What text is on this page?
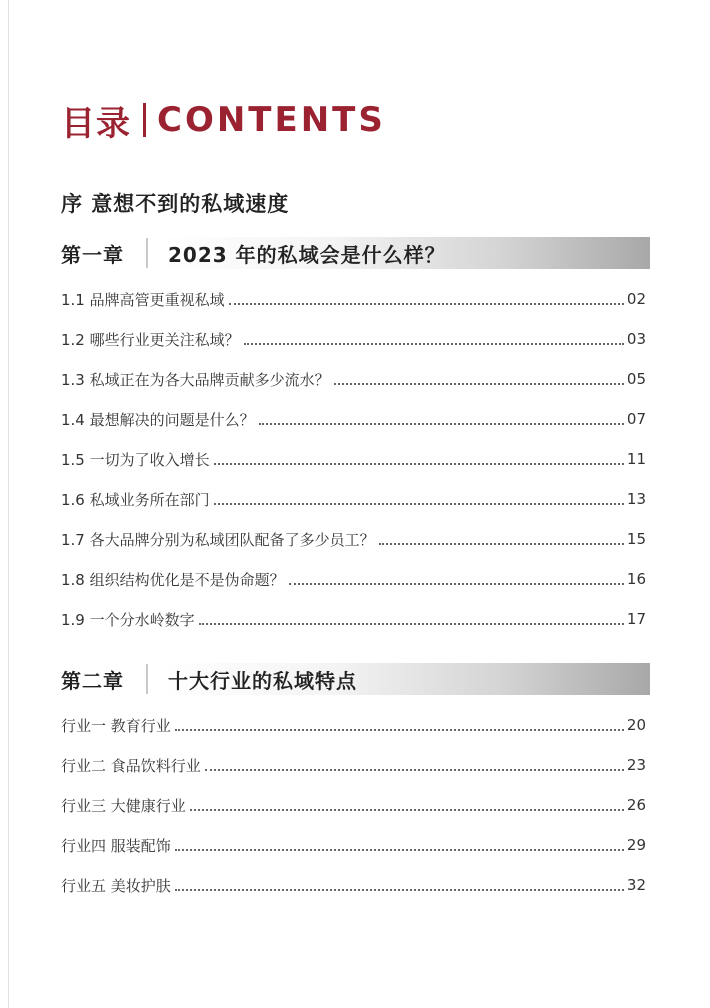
目录 CONTENTS
序 意想不到的私域速度
第一章	2023 年的私域会是什么样？
1.1 品牌高管更重视私域	02
1.2 哪些行业更关注私域？	03
1.3 私域正在为各大品牌贡献多少流水？	05
1.4 最想解决的问题是什么？	07
1.5 一切为了收入增长	11
1.6 私域业务所在部门	13
1.7 各大品牌分别为私域团队配备了多少员工？	15
1.8 组织结构优化是不是伪命题？	16
1.9 一个分水岭数字	17
第二章	十大行业的私域特点
行业一 教育行业	20
行业二 食品饮料行业	23
行业三 大健康行业	26
行业四 服装配饰	29
行业五 美妆护肤	32
